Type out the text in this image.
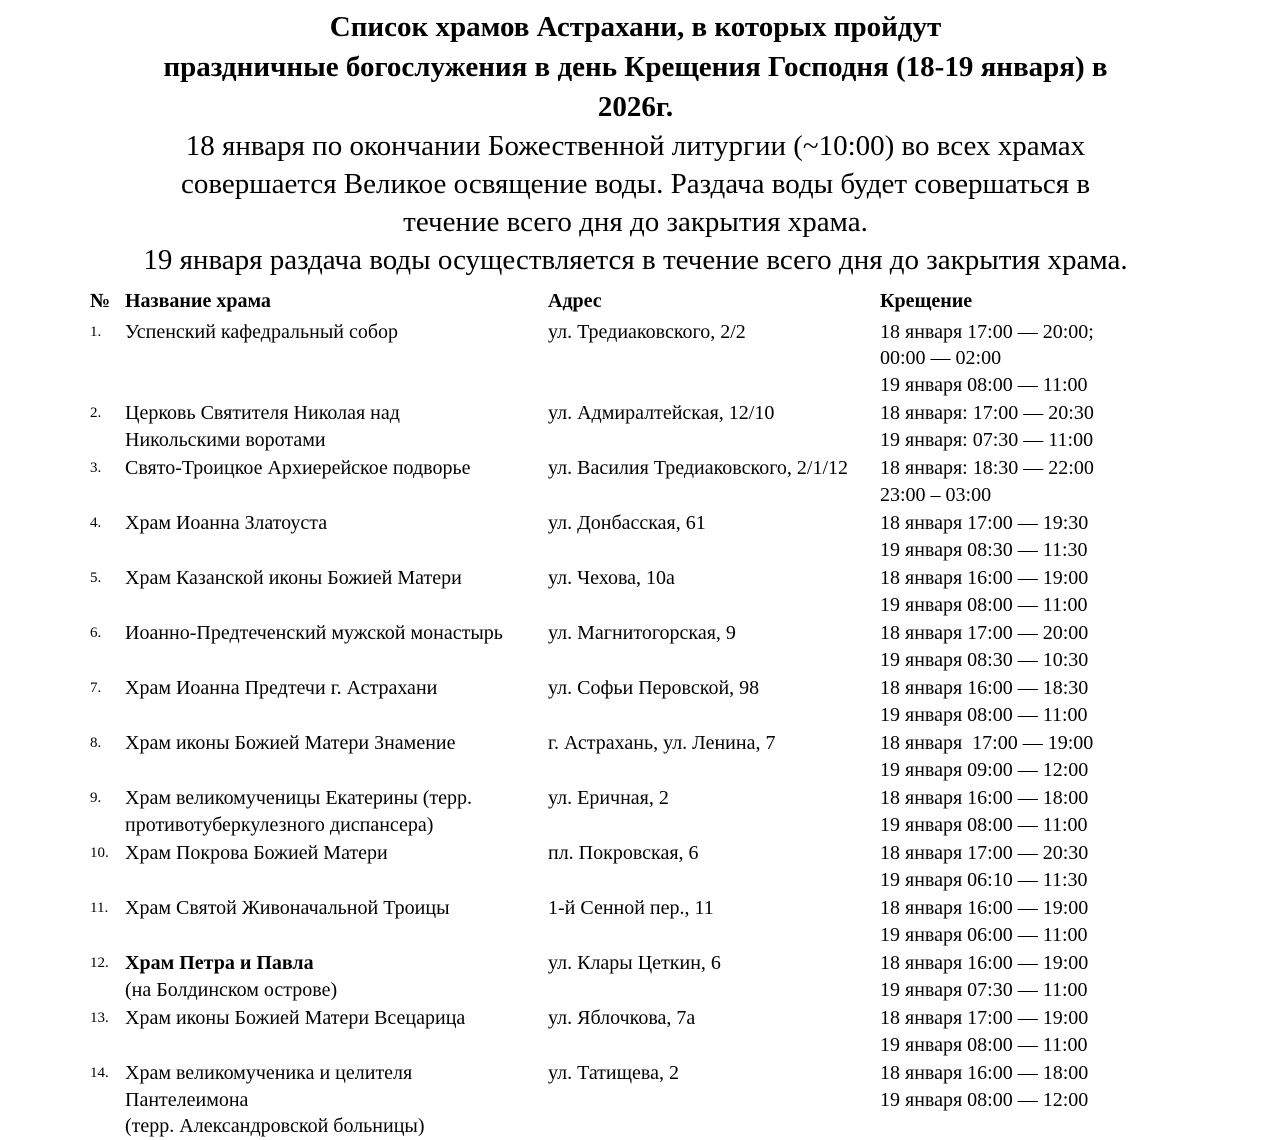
Список храмов Астрахани, в которых пройдут
праздничные богослужения в день Крещения Господня (18-19 января) в
2026г.
18 января по окончании Божественной литургии (~10:00) во всех храмах
совершается Великое освящение воды. Раздача воды будет совершаться в
течение всего дня до закрытия храма.
19 января раздача воды осуществляется в течение всего дня до закрытия храма.
№ Название храма	Адрес	Крещение
1.	Успенский кафедральный собор	ул. Тредиаковского, 2/2	18 января 17:00 — 20:00;
00:00 — 02:00
19 января 08:00 — 11:00
2.	Церковь Святителя Николая над
Никольскими воротами
ул. Адмиралтейская, 12/10	18 января: 17:00 — 20:30
19 января: 07:30 — 11:00
3.	Свято-Троицкое Архиерейское подворье	ул. Василия Тредиаковского, 2/1/12	18 января: 18:30 — 22:00
23:00 – 03:00
4.	Храм Иоанна Златоуста	ул. Донбасская, 61	18 января 17:00 — 19:30
19 января 08:30 — 11:30
5.	Храм Казанской иконы Божией Матери	ул. Чехова, 10а	18 января 16:00 — 19:00
19 января 08:00 — 11:00
6.	Иоанно-Предтеченский мужской монастырь	ул. Магнитогорская, 9	18 января 17:00 — 20:00
19 января 08:30 — 10:30
7.	Храм Иоанна Предтечи г. Астрахани	ул. Софьи Перовской, 98	18 января 16:00 — 18:30
19 января 08:00 — 11:00
8.	Храм иконы Божией Матери Знамение	г. Астрахань, ул. Ленина, 7	18 января  17:00 — 19:00
19 января 09:00 — 12:00
9.	Храм великомученицы Екатерины (терр.
противотуберкулезного диспансера)
ул. Еричная, 2	18 января 16:00 — 18:00
19 января 08:00 — 11:00
10. Храм Покрова Божией Матери	пл. Покровская, 6	18 января 17:00 — 20:30
19 января 06:10 — 11:30
11. Храм Святой Живоначальной Троицы	1-й Сенной пер., 11	18 января 16:00 — 19:00
19 января 06:00 — 11:00
12. Храм Петра и Павла
(на Болдинском острове)
ул. Клары Цеткин, 6	18 января 16:00 — 19:00
19 января 07:30 — 11:00
13. Храм иконы Божией Матери Всецарица	ул. Яблочкова, 7а	18 января 17:00 — 19:00
19 января 08:00 — 11:00
14. Храм великомученика и целителя
Пантелеимона
(терр. Александровской больницы)
ул. Татищева, 2	18 января 16:00 — 18:00
19 января 08:00 — 12:00
